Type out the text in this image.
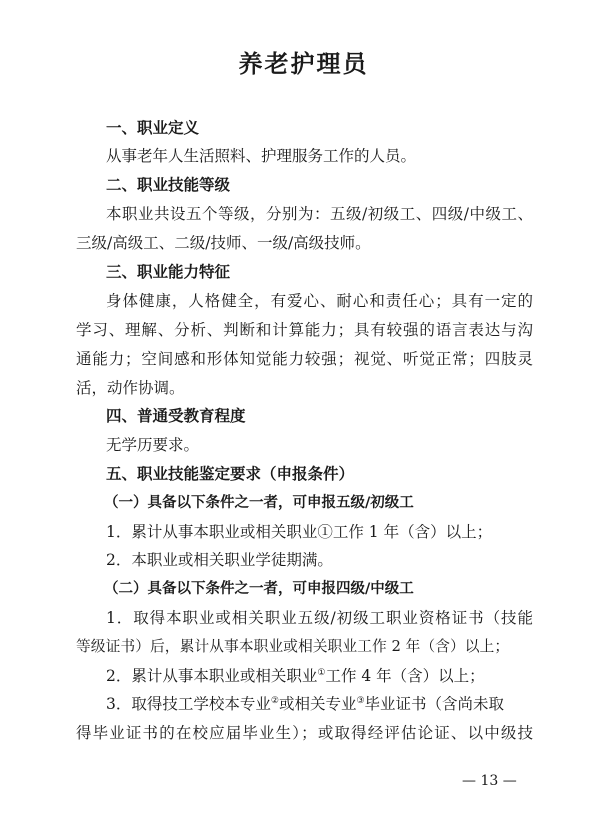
养老护理员
一、职业定义
从事老年人生活照料、护理服务工作的人员。
二、职业技能等级
本职业共设五个等级，分别为：五级/初级工、四级/中级工、
三级/高级工、二级/技师、一级/高级技师。
三、职业能力特征
身体健康，人格健全，有爱心、耐心和责任心；具有一定的
学习、理解、分析、判断和计算能力；具有较强的语言表达与沟
通能力；空间感和形体知觉能力较强；视觉、听觉正常；四肢灵
活，动作协调。
四、普通受教育程度
无学历要求。
五、职业技能鉴定要求（申报条件）
（一）具备以下条件之一者，可申报五级/初级工
1．累计从事本职业或相关职业①工作 1 年（含）以上；
2．本职业或相关职业学徒期满。
（二）具备以下条件之一者，可申报四级/中级工
1．取得本职业或相关职业五级/初级工职业资格证书（技能
等级证书）后，累计从事本职业或相关职业工作 2 年（含）以上；
2．累计从事本职业或相关职业①工作 4 年（含）以上；
3．取得技工学校本专业②或相关专业③毕业证书（含尚未取
得毕业证书的在校应届毕业生）；或取得经评估论证、以中级技
— 13 —
